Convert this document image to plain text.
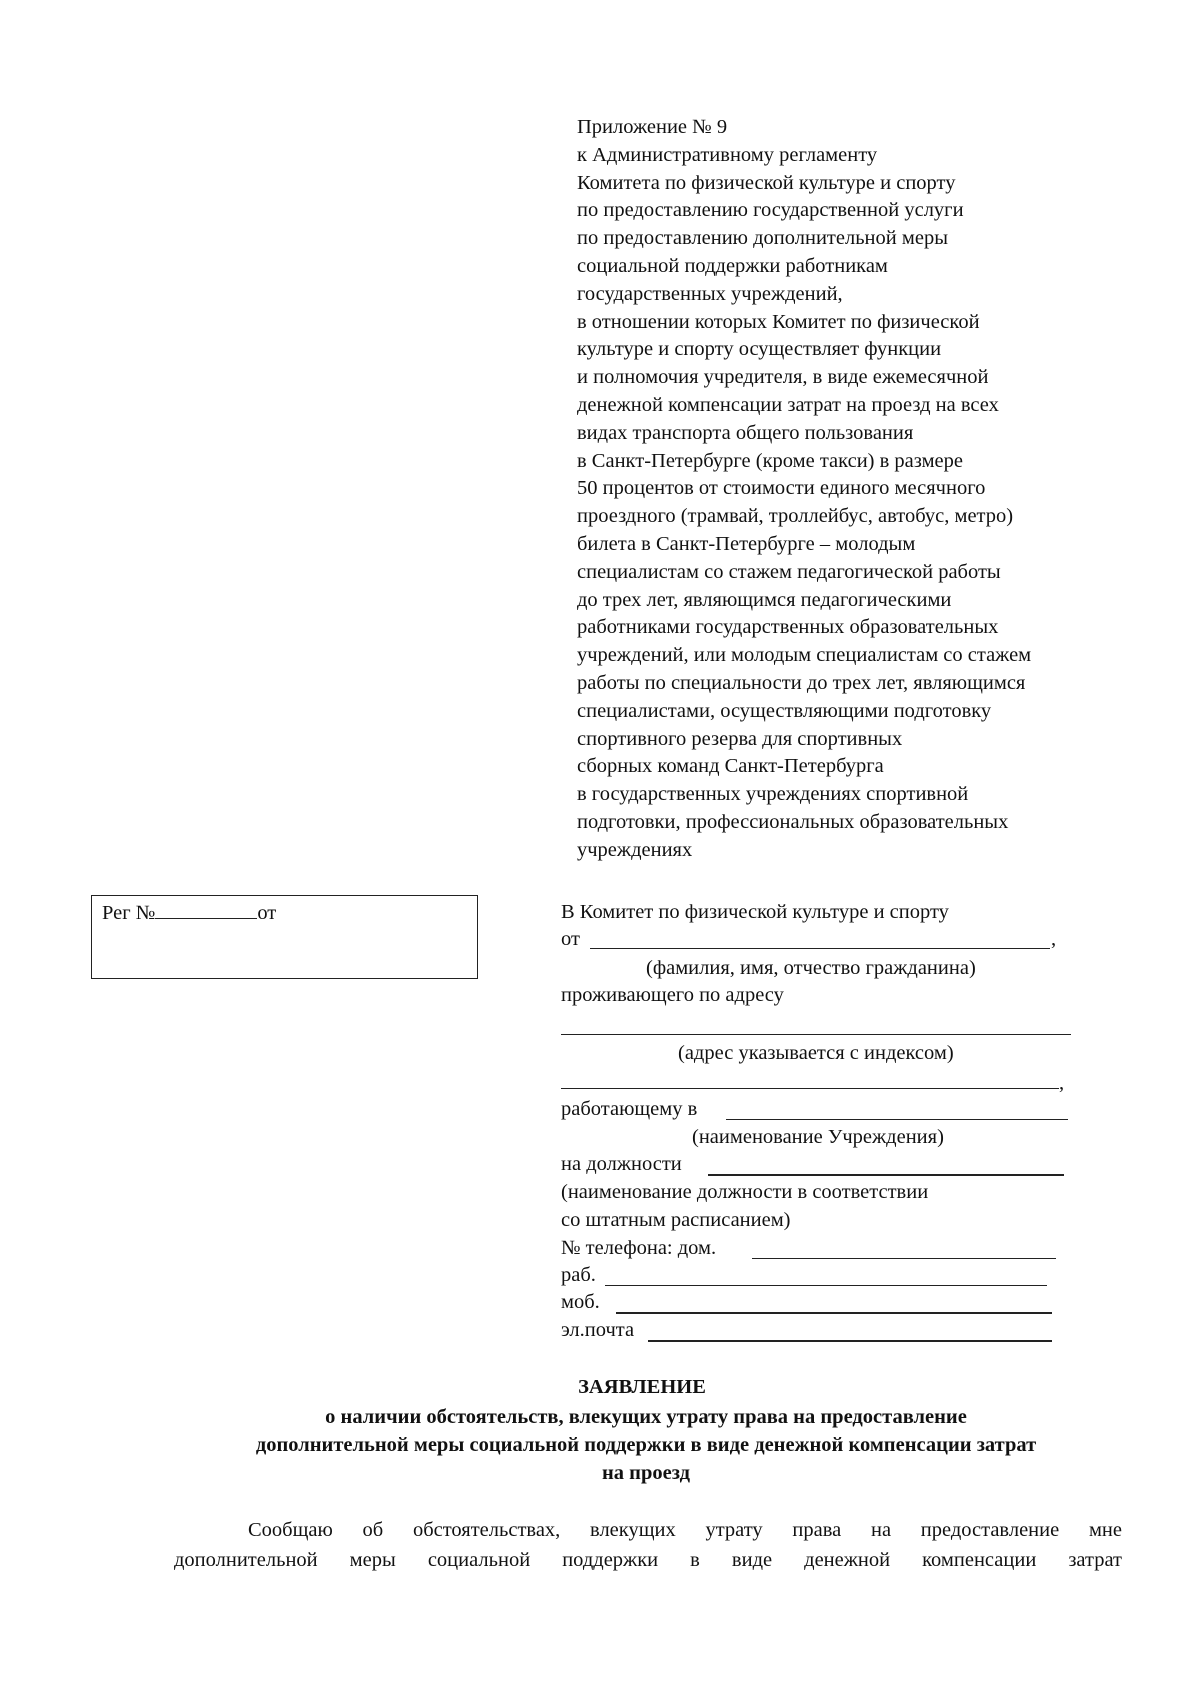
Приложение № 9
к Административному регламенту
Комитета по физической культуре и спорту
по предоставлению государственной услуги
по предоставлению дополнительной меры
социальной поддержки работникам
государственных учреждений,
в отношении которых Комитет по физической
культуре и спорту осуществляет функции
и полномочия учредителя, в виде ежемесячной
денежной компенсации затрат на проезд на всех
видах транспорта общего пользования
в Санкт-Петербурге (кроме такси) в размере
50 процентов от стоимости единого месячного
проездного (трамвай, троллейбус, автобус, метро)
билета в Санкт-Петербурге – молодым
специалистам со стажем педагогической работы
до трех лет, являющимся педагогическими
работниками государственных образовательных
учреждений, или молодым специалистам со стажем
работы по специальности до трех лет, являющимся
специалистами, осуществляющими подготовку
спортивного резерва для спортивных
сборных команд Санкт-Петербурга
в государственных учреждениях спортивной
подготовки, профессиональных образовательных
учреждениях
Рег №	от	В Комитет по физической культуре и спорту
от	,
(фамилия, имя, отчество гражданина)
проживающего по адресу
(адрес указывается с индексом)
,
работающему в
(наименование Учреждения)
на должности
(наименование должности в соответствии
со штатным расписанием)
№ телефона: дом.
раб.
моб.
эл.почта
ЗАЯВЛЕНИЕ
о наличии обстоятельств, влекущих утрату права на предоставление
дополнительной меры социальной поддержки в виде денежной компенсации затрат
на проезд
Сообщаю об обстоятельствах, влекущих утрату права на предоставление мне
дополнительной меры социальной поддержки в виде денежной компенсации затрат
